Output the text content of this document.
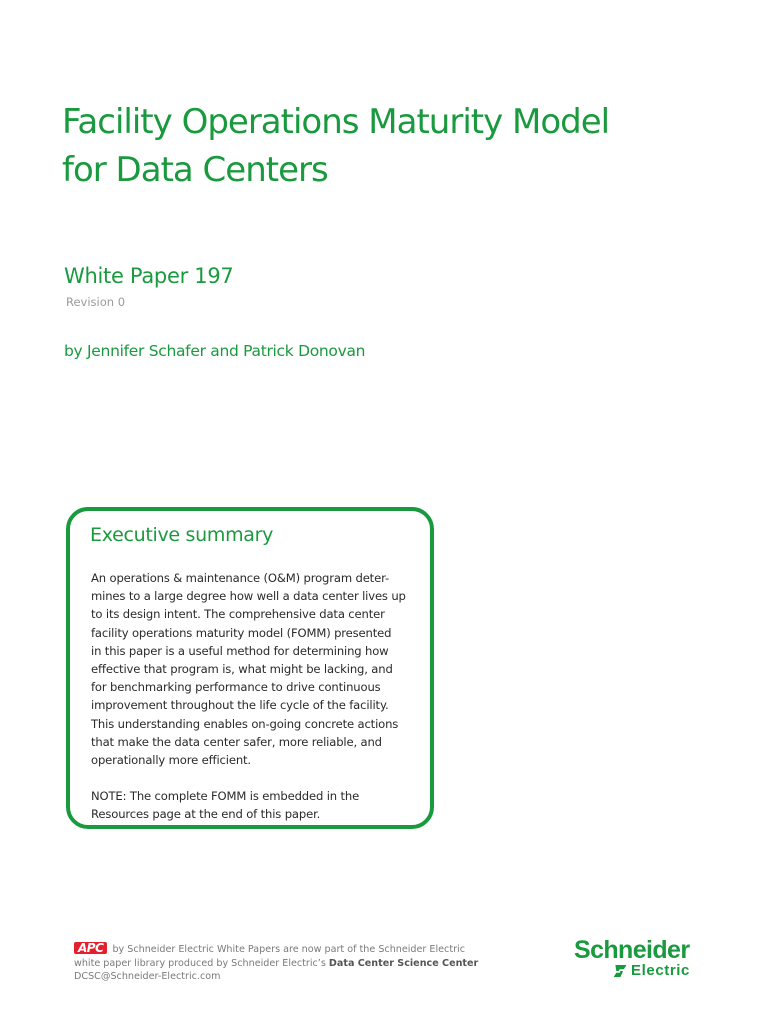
Facility Operations Maturity Model
for Data Centers
White Paper 197
Revision 0
by Jennifer Schafer and Patrick Donovan
Executive summary
An operations & maintenance (O&M) program deter-
mines to a large degree how well a data center lives up
to its design intent. The comprehensive data center
facility operations maturity model (FOMM) presented
in this paper is a useful method for determining how
effective that program is, what might be lacking, and
for benchmarking performance to drive continuous
improvement throughout the life cycle of the facility.
This understanding enables on-going concrete actions
that make the data center safer, more reliable, and
operationally more efficient.
NOTE: The complete FOMM is embedded in the
Resources page at the end of this paper.
APC by Schneider Electric White Papers are now part of the Schneider Electric
white paper library produced by Schneider Electric’s Data Center Science Center
DCSC@Schneider-Electric.com
Schneider
Electric
